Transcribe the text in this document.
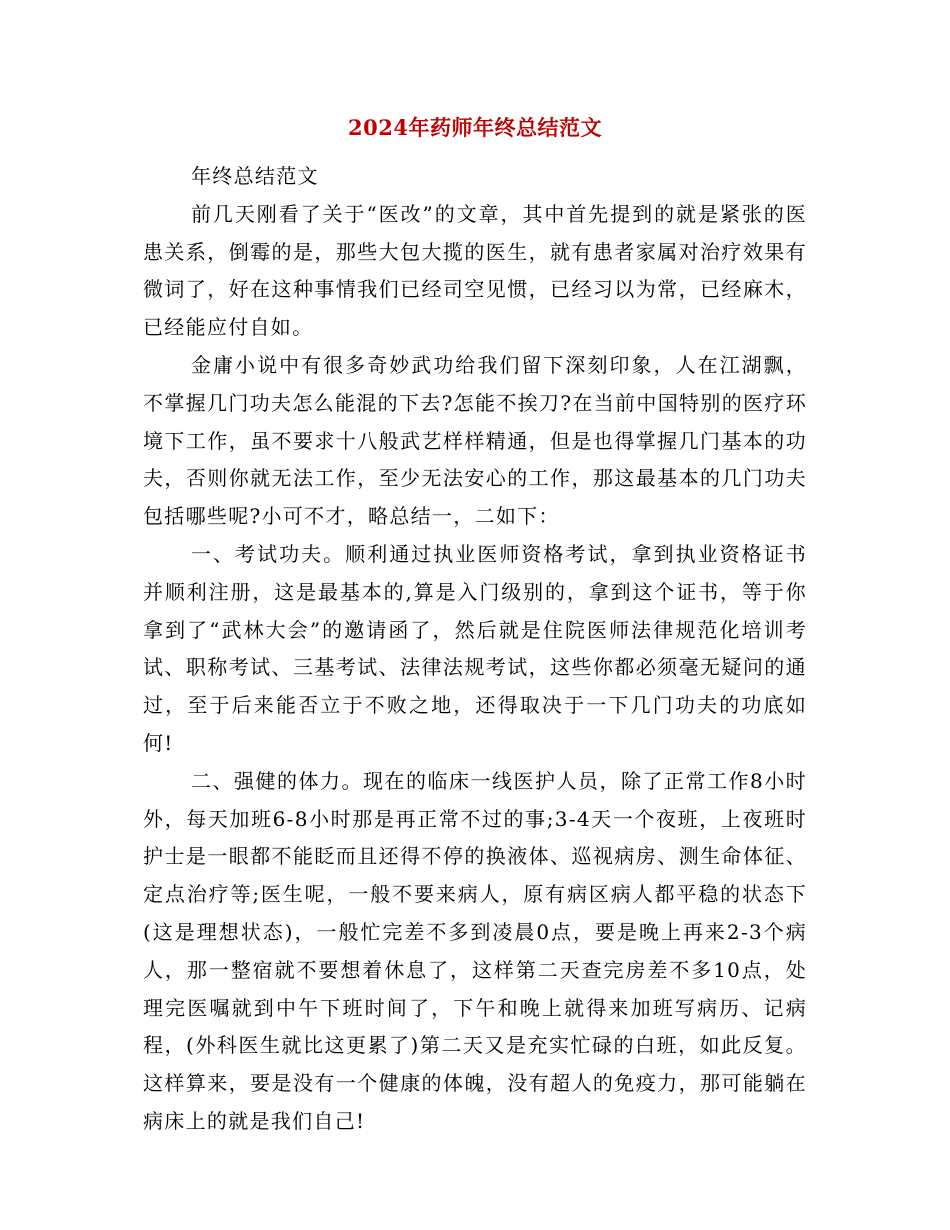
2024年药师年终总结范文

年终总结范文

前几天刚看了关于“医改”的文章，其中首先提到的就是紧张的医患关系，倒霉的是，那些大包大揽的医生，就有患者家属对治疗效果有微词了，好在这种事情我们已经司空见惯，已经习以为常，已经麻木，已经能应付自如。

金庸小说中有很多奇妙武功给我们留下深刻印象，人在江湖飘，不掌握几门功夫怎么能混的下去?怎能不挨刀?在当前中国特别的医疗环境下工作，虽不要求十八般武艺样样精通，但是也得掌握几门基本的功夫，否则你就无法工作，至少无法安心的工作，那这最基本的几门功夫包括哪些呢?小可不才，略总结一，二如下：

一、考试功夫。顺利通过执业医师资格考试，拿到执业资格证书并顺利注册，这是最基本的,算是入门级别的，拿到这个证书，等于你拿到了“武林大会”的邀请函了，然后就是住院医师法律规范化培训考试、职称考试、三基考试、法律法规考试，这些你都必须毫无疑问的通过，至于后来能否立于不败之地，还得取决于一下几门功夫的功底如何!

二、强健的体力。现在的临床一线医护人员，除了正常工作8小时外，每天加班6-8小时那是再正常不过的事;3-4天一个夜班，上夜班时护士是一眼都不能眨而且还得不停的换液体、巡视病房、测生命体征、定点治疗等;医生呢，一般不要来病人，原有病区病人都平稳的状态下(这是理想状态)，一般忙完差不多到凌晨0点，要是晚上再来2-3个病人，那一整宿就不要想着休息了，这样第二天查完房差不多10点，处理完医嘱就到中午下班时间了，下午和晚上就得来加班写病历、记病程，(外科医生就比这更累了)第二天又是充实忙碌的白班，如此反复。这样算来，要是没有一个健康的体魄，没有超人的免疫力，那可能躺在病床上的就是我们自己!
